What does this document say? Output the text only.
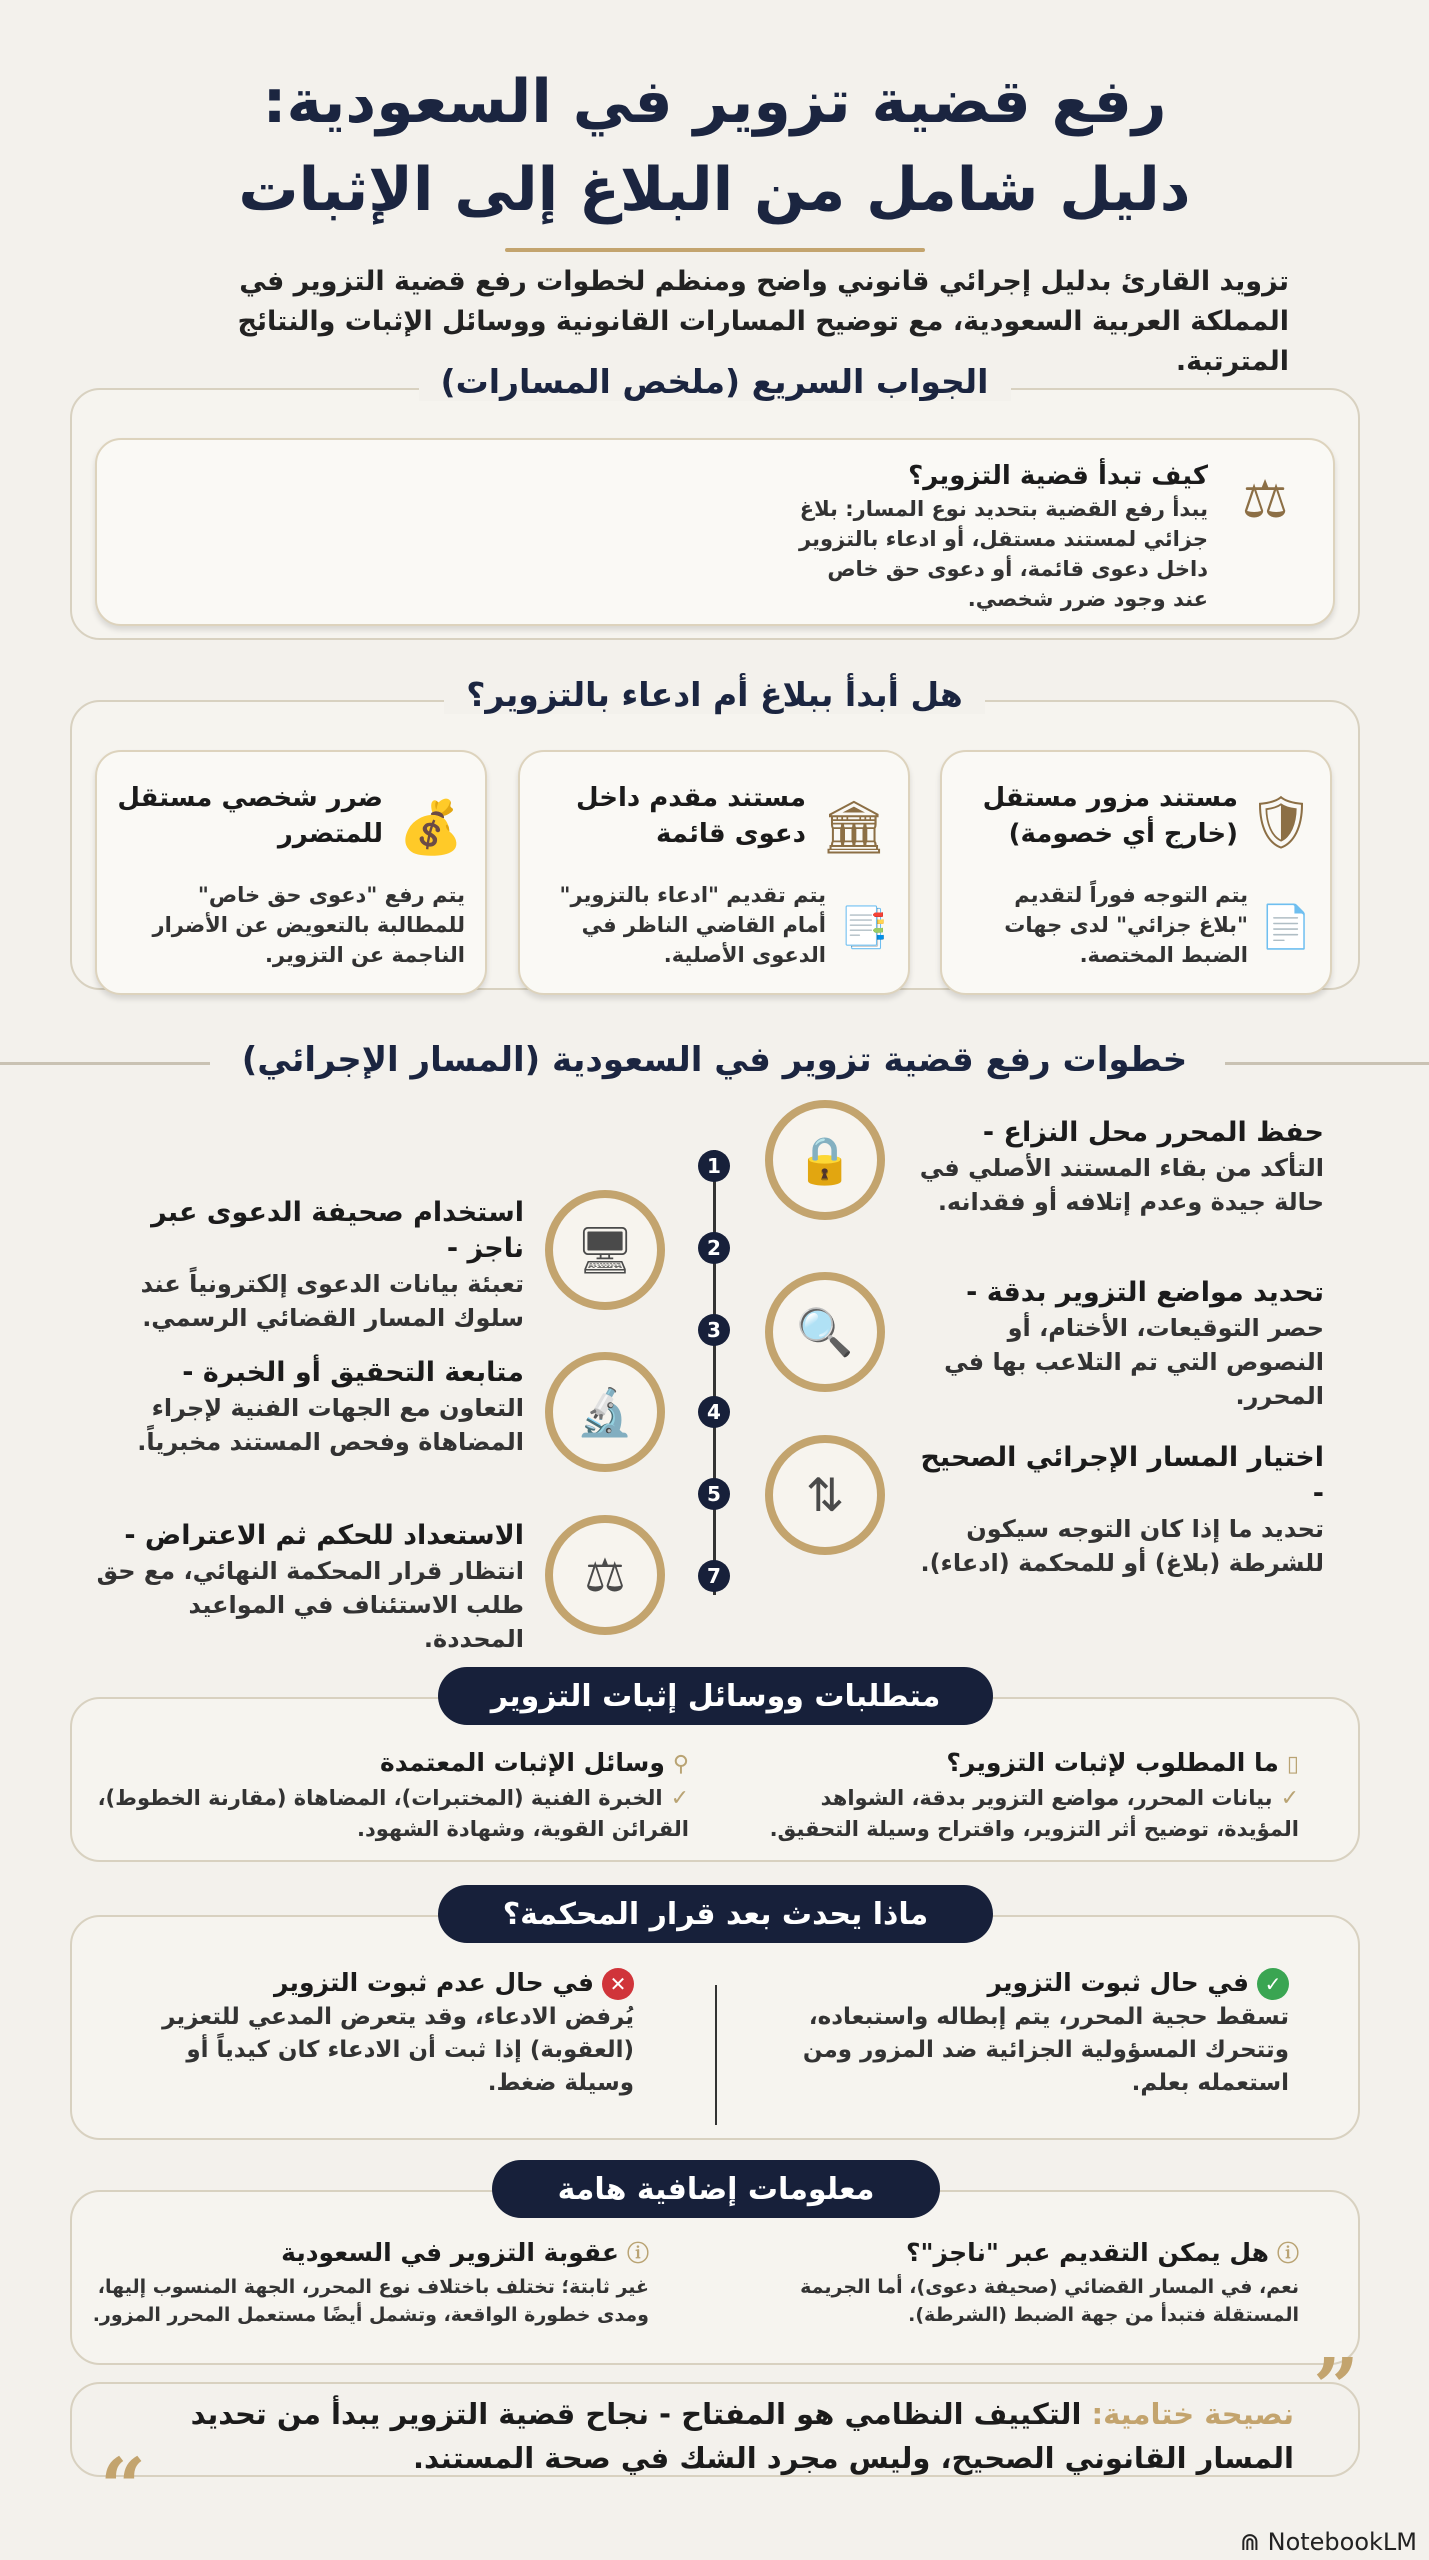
رفع قضية تزوير في السعودية:
دليل شامل من البلاغ إلى الإثبات

تزويد القارئ بدليل إجرائي قانوني واضح ومنظم لخطوات رفع قضية التزوير في المملكة العربية السعودية، مع توضيح المسارات القانونية ووسائل الإثبات والنتائج المترتبة.

الجواب السريع (ملخص المسارات)
⚖
كيف تبدأ قضية التزوير؟

يبدأ رفع القضية بتحديد نوع المسار: بلاغ جزائي لمستند مستقل، أو ادعاء بالتزوير داخل دعوى قائمة، أو دعوى حق خاص عند وجود ضرر شخصي.

هل أبدأ ببلاغ أم ادعاء بالتزوير؟
🛡
مستند مزور مستقل (خارج أي خصومة)
📄

يتم التوجه فوراً لتقديم "بلاغ جزائي" لدى جهات الضبط المختصة.

🏛
مستند مقدم داخل دعوى قائمة
📑

يتم تقديم "ادعاء بالتزوير" أمام القاضي الناظر في الدعوى الأصلية.

💰
ضرر شخصي مستقل للمتضرر

يتم رفع "دعوى حق خاص" للمطالبة بالتعويض عن الأضرار الناجمة عن التزوير.

خطوات رفع قضية تزوير في السعودية (المسار الإجرائي)
1	🔒	حفظ المحرر محل النزاع -

التأكد من بقاء المستند الأصلي في حالة جيدة وعدم إتلافه أو فقدانه.

2
🖥
استخدام صحيفة الدعوى عبر ناجز -

تعبئة بيانات الدعوى إلكترونياً عند سلوك المسار القضائي الرسمي.	3	🔍
تحديد مواضع التزوير بدقة -

حصر التوقيعات، الأختام، أو النصوص التي تم التلاعب بها في المحرر.

4
🔬
متابعة التحقيق أو الخبرة -

التعاون مع الجهات الفنية لإجراء المضاهاة وفحص المستند مخبرياً.

5	⇅
اختيار المسار الإجرائي الصحيح -

تحديد ما إذا كان التوجه سيكون للشرطة (بلاغ) أو للمحكمة (ادعاء).

7
⚖
الاستعداد للحكم ثم الاعتراض -

انتظار قرار المحكمة النهائي، مع حق طلب الاستئناف في المواعيد المحددة.

متطلبات ووسائل إثبات التزوير
▯ما المطلوب لإثبات التزوير؟

✓بيانات المحرر، مواضع التزوير بدقة، الشواهد المؤيدة، توضيح أثر التزوير، واقتراح وسيلة التحقيق.

⚲وسائل الإثبات المعتمدة

✓الخبرة الفنية (المختبرات)، المضاهاة (مقارنة الخطوط)، القرائن القوية، وشهادة الشهود.

ماذا يحدث بعد قرار المحكمة؟
✓في حال ثبوت التزوير

تسقط حجية المحرر، يتم إبطاله واستبعاده، وتتحرك المسؤولية الجزائية ضد المزور ومن استعمله بعلم.

✕في حال عدم ثبوت التزوير

يُرفض الادعاء، وقد يتعرض المدعي للتعزير (العقوبة) إذا ثبت أن الادعاء كان كيدياً أو وسيلة ضغط.

معلومات إضافية هامة
ⓘهل يمكن التقديم عبر "ناجز"؟

نعم، في المسار القضائي (صحيفة دعوى)، أما الجريمة المستقلة فتبدأ من جهة الضبط (الشرطة).

ⓘعقوبة التزوير في السعودية

غير ثابتة؛ تختلف باختلاف نوع المحرر، الجهة المنسوب إليها، ومدى خطورة الواقعة، وتشمل أيضًا مستعمل المحرر المزور.

”
“

نصيحة ختامية: التكييف النظامي هو المفتاح - نجاح قضية التزوير يبدأ من تحديد المسار القانوني الصحيح، وليس مجرد الشك في صحة المستند.

⋒ NotebookLM
